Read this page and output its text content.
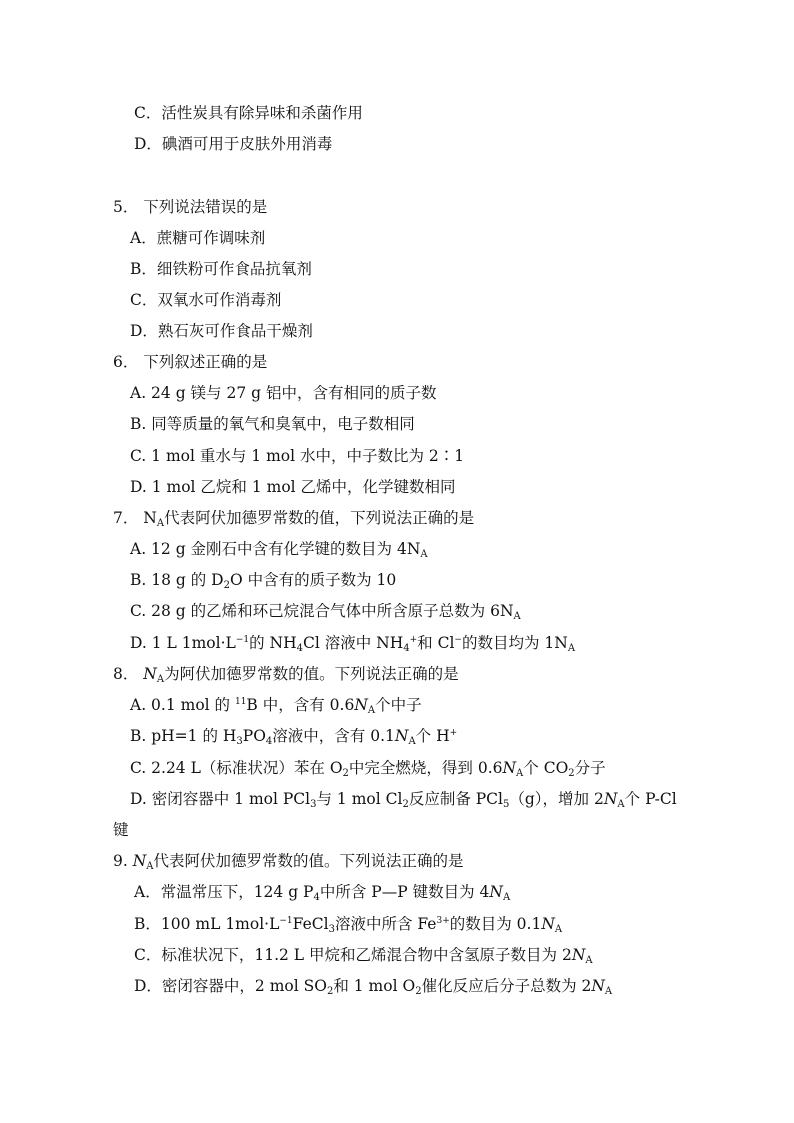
C．活性炭具有除异味和杀菌作用
D．碘酒可用于皮肤外用消毒
5． 下列说法错误的是
A．蔗糖可作调味剂
B．细铁粉可作食品抗氧剂
C．双氧水可作消毒剂
D．熟石灰可作食品干燥剂
6． 下列叙述正确的是
A. 24 g 镁与 27 g 铝中，含有相同的质子数
B. 同等质量的氧气和臭氧中，电子数相同
C. 1 mol 重水与 1 mol 水中，中子数比为 2∶1
D. 1 mol 乙烷和 1 mol 乙烯中，化学键数相同
7． $N_A$代表阿伏加德罗常数的值，下列说法正确的是
A. 12 g 金刚石中含有化学键的数目为 $4N_A$
B. 18 g 的 $D_2O$ 中含有的质子数为 10
C. 28 g 的乙烯和环己烷混合气体中所含原子总数为 $6N_A$
D. 1 L $1mol\cdot L^{-1}$的 $NH_4Cl$ 溶液中 $NH_4^+$和 Cl−的数目均为 $1N_A$
8． $N_A$为阿伏加德罗常数的值。下列说法正确的是
A. 0.1 mol 的 $^{11}$B 中，含有 $0.6N_A$个中子
B. pH=1 的 $H_3PO_4$溶液中，含有 $0.1N_A$个 H+
C. 2.24 L（标准状况）苯在 $O_2$中完全燃烧，得到 $0.6N_A$个 $CO_2$分子
D. 密闭容器中 1 mol PCl$_3$与 1 mol $Cl_2$反应制备 PCl$_5$（g），增加 $2N_A$个 P-Cl
键
9. $N_A$代表阿伏加德罗常数的值。下列说法正确的是
A．常温常压下，124 g $P_4$中所含 P—P 键数目为 $4N_A$
B．100 mL $1mol\cdot L^{-1}FeCl_3$溶液中所含 $Fe^{3+}$的数目为 $0.1N_A$
C．标准状况下，11.2 L 甲烷和乙烯混合物中含氢原子数目为 $2N_A$
D．密闭容器中，2 mol $SO_2$和 1 mol $O_2$催化反应后分子总数为 $2N_A$
